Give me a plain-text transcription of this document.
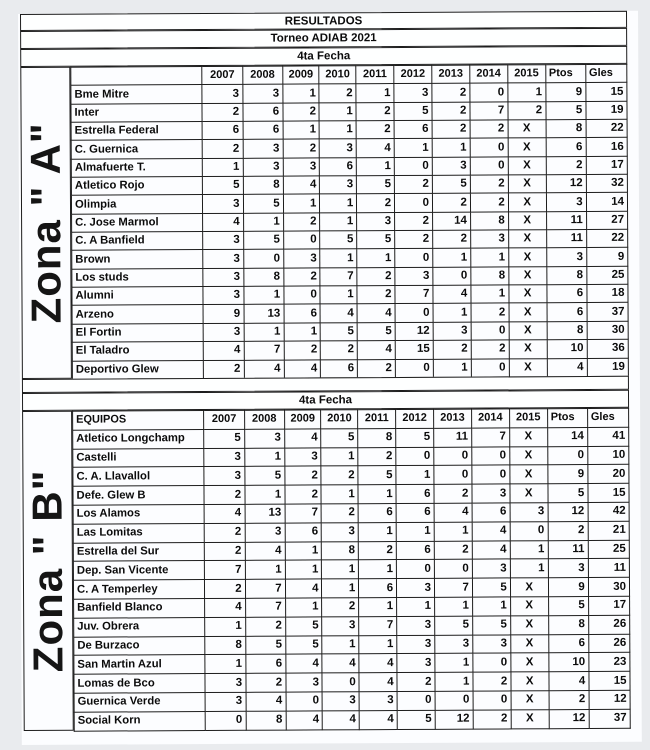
RESULTADOS
Torneo ADIAB 2021
4ta Fecha
Zona " A"
	2007	2008	2009	2010	2011	2012	2013	2014	2015	Ptos	Gles
Bme Mitre	3	3	1	2	1	3	2	0	1	9	15
Inter	2	6	2	1	2	5	2	7	2	5	19
Estrella Federal	6	6	1	1	2	6	2	2	X	8	22
C. Guernica	2	3	2	3	4	1	1	0	X	6	16
Almafuerte T.	1	3	3	6	1	0	3	0	X	2	17
Atletico Rojo	5	8	4	3	5	2	5	2	X	12	32
Olimpia	3	5	1	1	2	0	2	2	X	3	14
C. Jose Marmol	4	1	2	1	3	2	14	8	X	11	27
C. A Banfield	3	5	0	5	5	2	2	3	X	11	22
Brown	3	0	3	1	1	0	1	1	X	3	9
Los studs	3	8	2	7	2	3	0	8	X	8	25
Alumni	3	1	0	1	2	7	4	1	X	6	18
Arzeno	9	13	6	4	4	0	1	2	X	6	37
El Fortin	3	1	1	5	5	12	3	0	X	8	30
El Taladro	4	7	2	2	4	15	2	2	X	10	36
Deportivo Glew	2	4	4	6	2	0	1	0	X	4	19
4ta Fecha
Zona " B"
EQUIPOS	2007	2008	2009	2010	2011	2012	2013	2014	2015	Ptos	Gles
Atletico Longchamp	5	3	4	5	8	5	11	7	X	14	41
Castelli	3	1	3	1	2	0	0	0	X	0	10
C. A. Llavallol	3	5	2	2	5	1	0	0	X	9	20
Defe. Glew B	2	1	2	1	1	6	2	3	X	5	15
Los Alamos	4	13	7	2	6	6	4	6	3	12	42
Las Lomitas	2	3	6	3	1	1	1	4	0	2	21
Estrella del Sur	2	4	1	8	2	6	2	4	1	11	25
Dep. San Vicente	7	1	1	1	1	0	0	3	1	3	11
C. A Temperley	2	7	4	1	6	3	7	5	X	9	30
Banfield Blanco	4	7	1	2	1	1	1	1	X	5	17
Juv. Obrera	1	2	5	3	7	3	5	5	X	8	26
De Burzaco	8	5	5	1	1	3	3	3	X	6	26
San Martin Azul	1	6	4	4	4	3	1	0	X	10	23
Lomas de Bco	3	2	3	0	4	2	1	2	X	4	15
Guernica Verde	3	4	0	3	3	0	0	0	X	2	12
Social Korn	0	8	4	4	4	5	12	2	X	12	37
